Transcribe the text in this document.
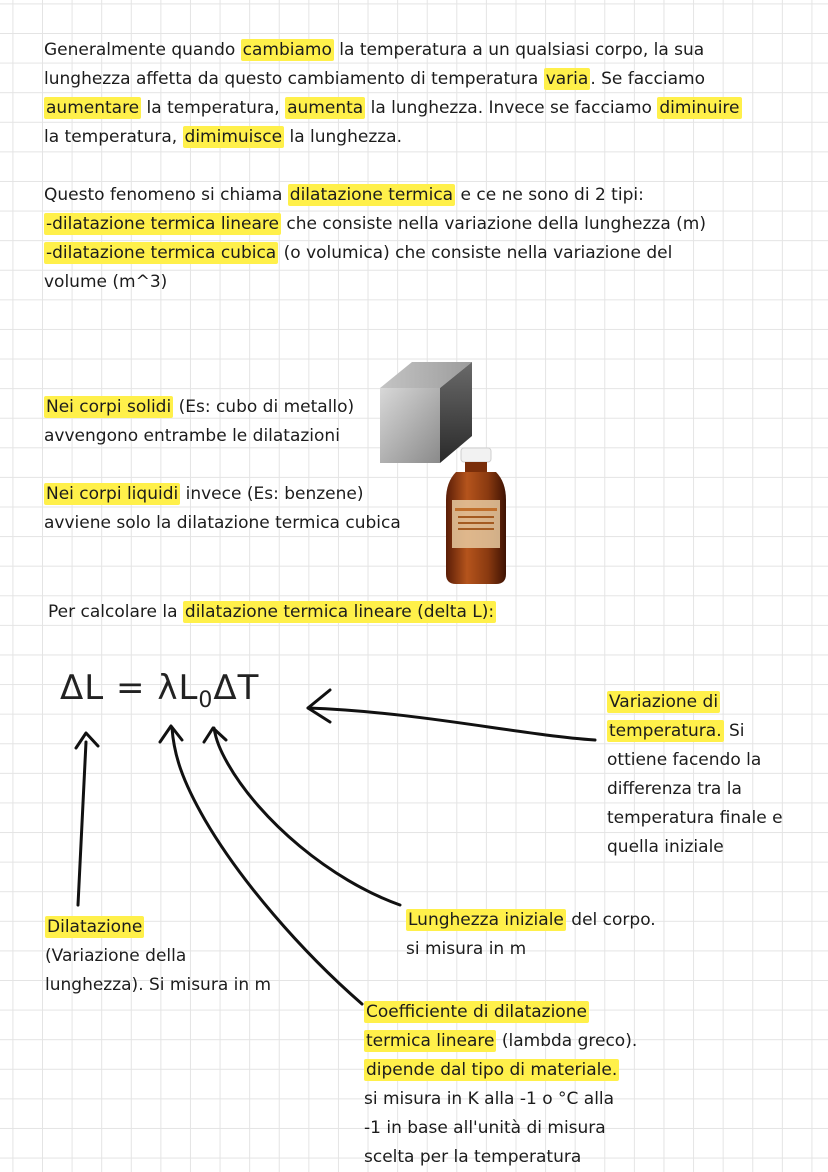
Generalmente quando cambiamo la temperatura a un qualsiasi corpo, la sua
lunghezza affetta da questo cambiamento di temperatura varia . Se facciamo
aumentare la temperatura, aumenta la lunghezza. Invece se facciamo diminuire
la temperatura, dimimuisce la lunghezza.
Questo fenomeno si chiama dilatazione termica e ce ne sono di 2 tipi:
-dilatazione termica lineare che consiste nella variazione della lunghezza (m)
-dilatazione termica cubica (o volumica) che consiste nella variazione del
volume (m^3)
Nei corpi solidi (Es: cubo di metallo)
avvengono entrambe le dilatazioni
Nei corpi liquidi invece (Es: benzene)
avviene solo la dilatazione termica cubica
Per calcolare la dilatazione termica lineare (delta L):
$\Delta L = \lambda L_0\Delta T$	Variazione di
temperatura. Si
ottiene facendo la
differenza tra la
temperatura finale e
quella iniziale
Dilatazione
(Variazione della
lunghezza). Si misura in m
Lunghezza iniziale del corpo.
si misura in m
Coefficiente di dilatazione
termica lineare (lambda greco).
dipende dal tipo di materiale.
si misura in K alla -1 o °C alla
-1 in base all'unità di misura
scelta per la temperatura
